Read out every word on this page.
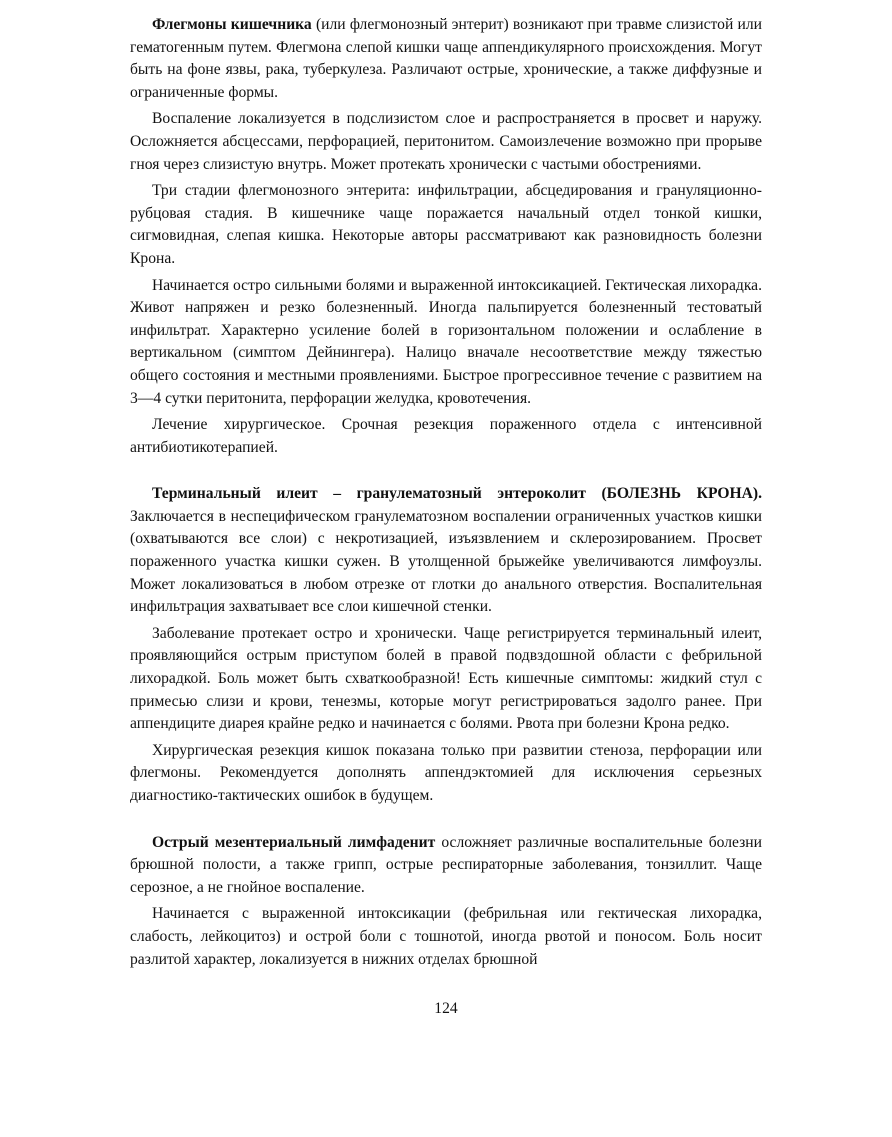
Флегмоны кишечника (или флегмонозный энтерит) возникают при травме слизистой или гематогенным путем. Флегмона слепой кишки чаще аппендикулярного происхождения. Могут быть на фоне язвы, рака, туберкулеза. Различают острые, хронические, а также диффузные и ограниченные формы.

Воспаление локализуется в подслизистом слое и распространяется в просвет и наружу. Осложняется абсцессами, перфорацией, перитонитом. Самоизлечение возможно при прорыве гноя через слизистую внутрь. Может протекать хронически с частыми обострениями.

Три стадии флегмонозного энтерита: инфильтрации, абсцедирования и грануляционно-рубцовая стадия. В кишечнике чаще поражается начальный отдел тонкой кишки, сигмовидная, слепая кишка. Некоторые авторы рассматривают как разновидность болезни Крона.

Начинается остро сильными болями и выраженной интоксикацией. Гектическая лихорадка. Живот напряжен и резко болезненный. Иногда пальпируется болезненный тестоватый инфильтрат. Характерно усиление болей в горизонтальном положении и ослабление в вертикальном (симптом Дейнингера). Налицо вначале несоответствие между тяжестью общего состояния и местными проявлениями. Быстрое прогрессивное течение с развитием на 3—4 сутки перитонита, перфорации желудка, кровотечения.

Лечение хирургическое. Срочная резекция пораженного отдела с интенсивной антибиотикотерапией.

Терминальный илеит – гранулематозный энтероколит (БОЛЕЗНЬ КРОНА). Заключается в неспецифическом гранулематозном воспалении ограниченных участков кишки (охватываются все слои) с некротизацией, изъязвлением и склерозированием. Просвет пораженного участка кишки сужен. В утолщенной брыжейке увеличиваются лимфоузлы. Может локализоваться в любом отрезке от глотки до анального отверстия. Воспалительная инфильтрация захватывает все слои кишечной стенки.

Заболевание протекает остро и хронически. Чаще регистрируется терминальный илеит, проявляющийся острым приступом болей в правой подвздошной области с фебрильной лихорадкой. Боль может быть схваткообразной! Есть кишечные симптомы: жидкий стул с примесью слизи и крови, тенезмы, которые могут регистрироваться задолго ранее. При аппендиците диарея крайне редко и начинается с болями. Рвота при болезни Крона редко.

Хирургическая резекция кишок показана только при развитии стеноза, перфорации или флегмоны. Рекомендуется дополнять аппендэктомией для исключения серьезных диагностико-тактических ошибок в будущем.

Острый мезентериальный лимфаденит осложняет различные воспалительные болезни брюшной полости, а также грипп, острые респираторные заболевания, тонзиллит. Чаще серозное, а не гнойное воспаление.

Начинается с выраженной интоксикации (фебрильная или гектическая лихорадка, слабость, лейкоцитоз) и острой боли с тошнотой, иногда рвотой и поносом. Боль носит разлитой характер, локализуется в нижних отделах брюшной

124
